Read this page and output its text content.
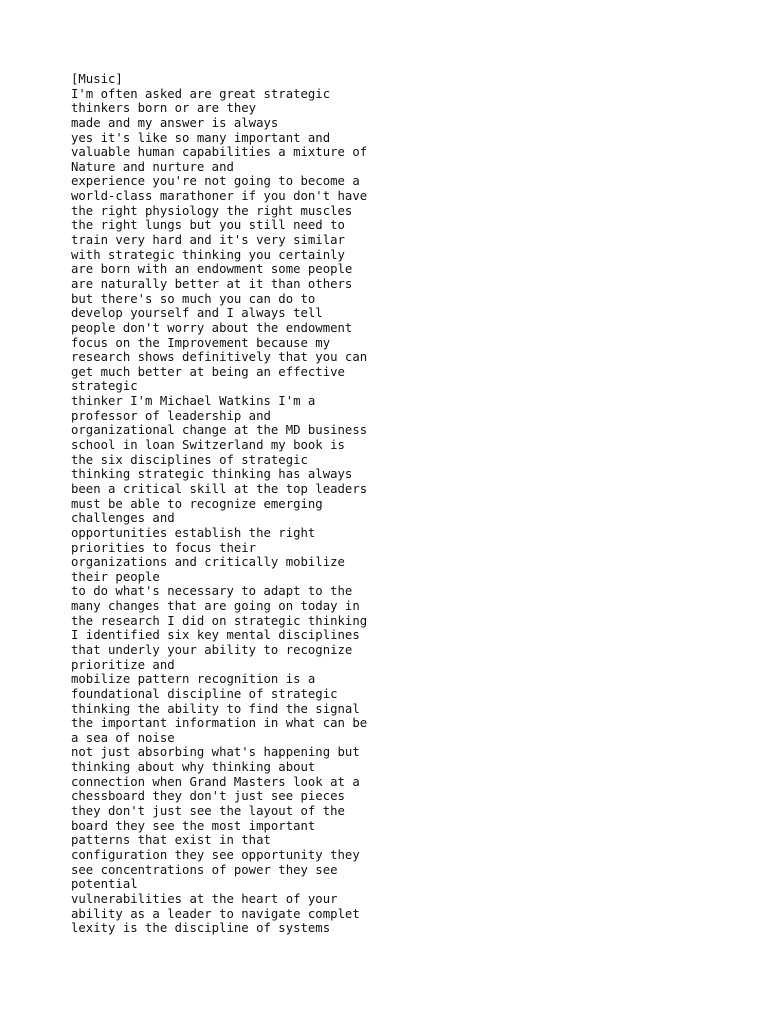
[Music]
I'm often asked are great strategic
thinkers born or are they
made and my answer is always
yes it's like so many important and
valuable human capabilities a mixture of
Nature and nurture and
experience you're not going to become a
world-class marathoner if you don't have
the right physiology the right muscles
the right lungs but you still need to
train very hard and it's very similar
with strategic thinking you certainly
are born with an endowment some people
are naturally better at it than others
but there's so much you can do to
develop yourself and I always tell
people don't worry about the endowment
focus on the Improvement because my
research shows definitively that you can
get much better at being an effective
strategic
thinker I'm Michael Watkins I'm a
professor of leadership and
organizational change at the MD business
school in loan Switzerland my book is
the six disciplines of strategic
thinking strategic thinking has always
been a critical skill at the top leaders
must be able to recognize emerging
challenges and
opportunities establish the right
priorities to focus their
organizations and critically mobilize
their people
to do what's necessary to adapt to the
many changes that are going on today in
the research I did on strategic thinking
I identified six key mental disciplines
that underly your ability to recognize
prioritize and
mobilize pattern recognition is a
foundational discipline of strategic
thinking the ability to find the signal
the important information in what can be
a sea of noise
not just absorbing what's happening but
thinking about why thinking about
connection when Grand Masters look at a
chessboard they don't just see pieces
they don't just see the layout of the
board they see the most important
patterns that exist in that
configuration they see opportunity they
see concentrations of power they see
potential
vulnerabilities at the heart of your
ability as a leader to navigate complet
lexity is the discipline of systems
